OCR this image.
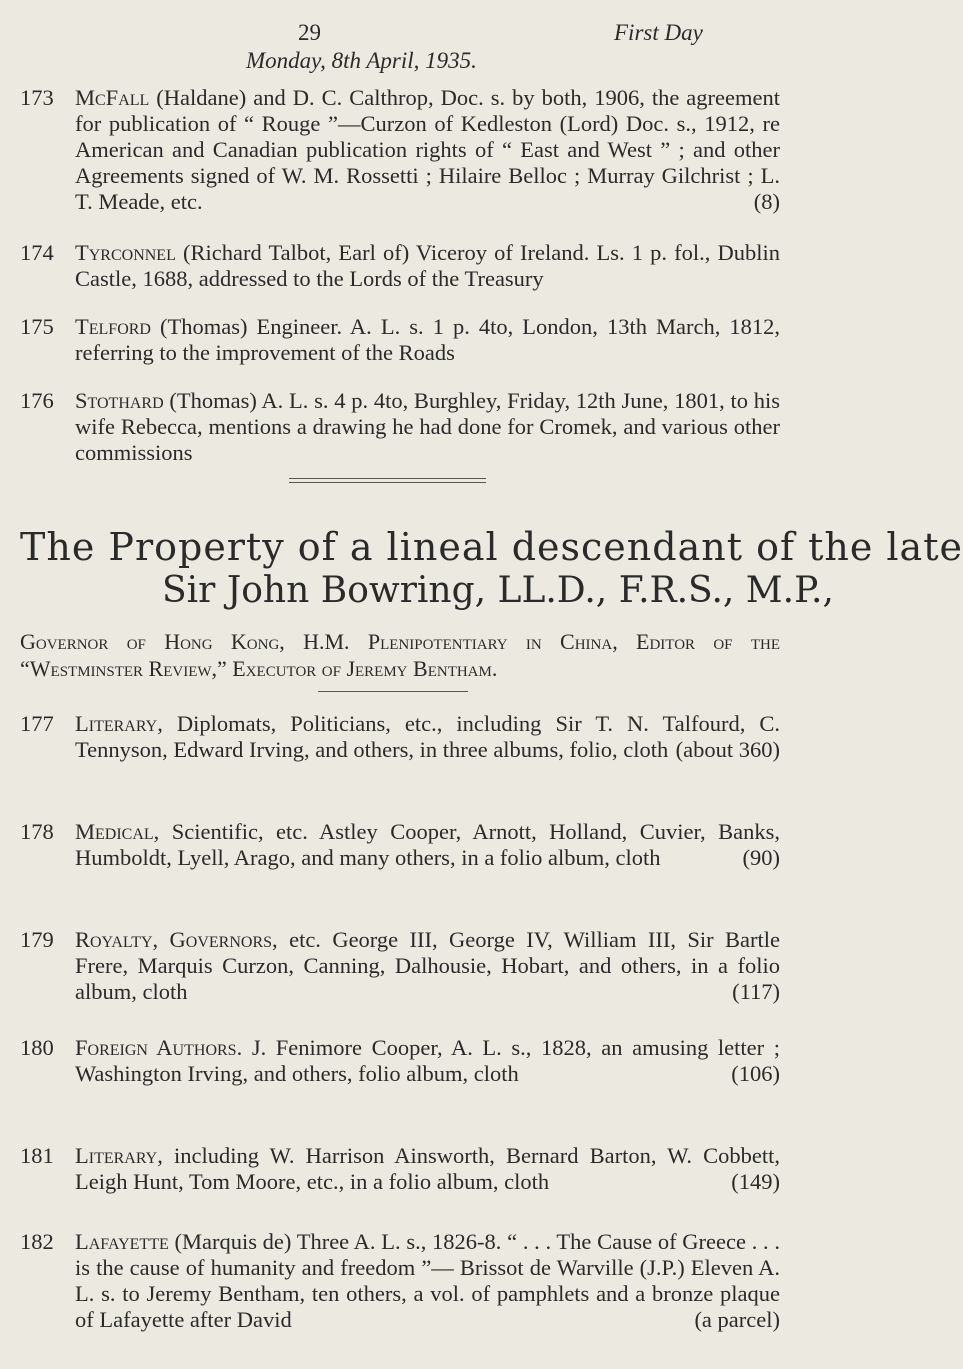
29	First Day
Monday, 8th April, 1935.
173 McFall (Haldane) and D. C. Calthrop, Doc. s. by both, 1906, the agreement for publication of “ Rouge ”—Curzon of Kedleston (Lord) Doc. s., 1912, re American and Canadian publication rights of “ East and West ” ; and other Agreements signed of W. M. Rossetti ; Hilaire Belloc ; Murray Gilchrist ; L. T. Meade, etc.	(8)
174 Tyrconnel (Richard Talbot, Earl of) Viceroy of Ireland. Ls. 1 p. fol., Dublin Castle, 1688, addressed to the Lords of the Treasury
175 Telford (Thomas) Engineer. A. L. s. 1 p. 4to, London, 13th March, 1812, referring to the improvement of the Roads
176 Stothard (Thomas) A. L. s. 4 p. 4to, Burghley, Friday, 12th June, 1801, to his wife Rebecca, mentions a drawing he had done for Cromek, and various other commissions
The Property of a lineal descendant of the late
Sir John Bowring, LL.D., F.R.S., M.P.,
Governor of Hong Kong, H.M. Plenipotentiary in China, Editor of the “Westminster Review,” Executor of Jeremy Bentham.
177 Literary, Diplomats, Politicians, etc., including Sir T. N. Talfourd, C. Tennyson, Edward Irving, and others, in three albums, folio, cloth (about 360)
178 Medical, Scientific, etc. Astley Cooper, Arnott, Holland, Cuvier, Banks, Humboldt, Lyell, Arago, and many others, in a folio album, cloth	(90)
179 Royalty, Governors, etc. George III, George IV, William III, Sir Bartle Frere, Marquis Curzon, Canning, Dalhousie, Hobart, and others, in a folio album, cloth	(117)
180 Foreign Authors. J. Fenimore Cooper, A. L. s., 1828, an amusing letter ; Washington Irving, and others, folio album, cloth	(106)
181 Literary, including W. Harrison Ainsworth, Bernard Barton, W. Cobbett, Leigh Hunt, Tom Moore, etc., in a folio album, cloth	(149)
182 Lafayette (Marquis de) Three A. L. s., 1826-8. “ . . . The Cause of Greece . . . is the cause of humanity and freedom ”— Brissot de Warville (J.P.) Eleven A. L. s. to Jeremy Bentham, ten others, a vol. of pamphlets and a bronze plaque of Lafayette after David	(a parcel)
